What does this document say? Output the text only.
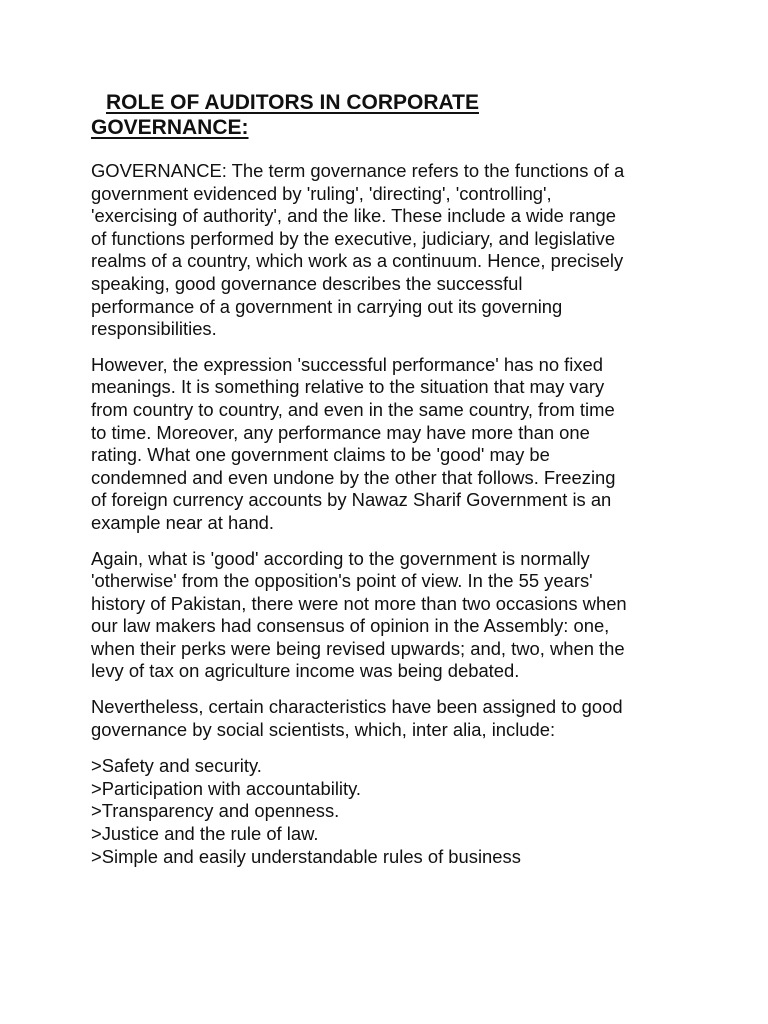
ROLE OF AUDITORS IN CORPORATE
GOVERNANCE:

GOVERNANCE: The term governance refers to the functions of a
government evidenced by 'ruling', 'directing', 'controlling',
'exercising of authority', and the like. These include a wide range
of functions performed by the executive, judiciary, and legislative
realms of a country, which work as a continuum. Hence, precisely
speaking, good governance describes the successful
performance of a government in carrying out its governing
responsibilities.

However, the expression 'successful performance' has no fixed
meanings. It is something relative to the situation that may vary
from country to country, and even in the same country, from time
to time. Moreover, any performance may have more than one
rating. What one government claims to be 'good' may be
condemned and even undone by the other that follows. Freezing
of foreign currency accounts by Nawaz Sharif Government is an
example near at hand.

Again, what is 'good' according to the government is normally
'otherwise' from the opposition's point of view. In the 55 years'
history of Pakistan, there were not more than two occasions when
our law makers had consensus of opinion in the Assembly: one,
when their perks were being revised upwards; and, two, when the
levy of tax on agriculture income was being debated.

Nevertheless, certain characteristics have been assigned to good
governance by social scientists, which, inter alia, include:

>Safety and security.
>Participation with accountability.
>Transparency and openness.
>Justice and the rule of law.
>Simple and easily understandable rules of business
